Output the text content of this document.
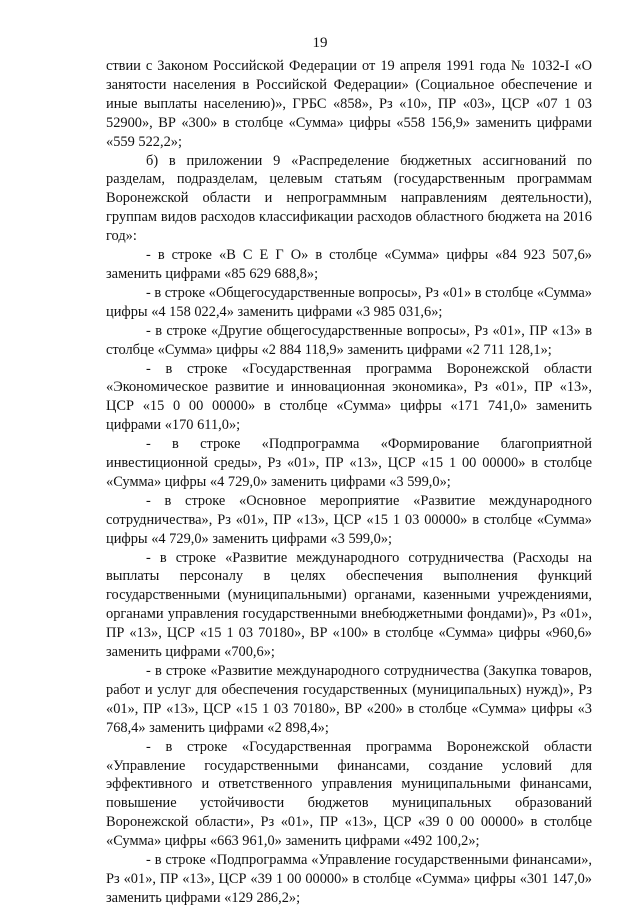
19

ствии с Законом Российской Федерации от 19 апреля 1991 года № 1032-I «О занятости населения в Российской Федерации» (Социальное обеспечение и иные выплаты населению)», ГРБС «858», Рз «10», ПР «03», ЦСР «07 1 03 52900», ВР «300» в столбце «Сумма» цифры «558 156,9» заменить цифрами «559 522,2»;

б) в приложении 9 «Распределение бюджетных ассигнований по разделам, подразделам, целевым статьям (государственным программам Воронежской области и непрограммным направлениям деятельности), группам видов расходов классификации расходов областного бюджета на 2016 год»:

- в строке «В С Е Г О» в столбце «Сумма» цифры «84 923 507,6» заменить цифрами «85 629 688,8»;

- в строке «Общегосударственные вопросы», Рз «01» в столбце «Сумма» цифры «4 158 022,4» заменить цифрами «3 985 031,6»;

- в строке «Другие общегосударственные вопросы», Рз «01», ПР «13» в столбце «Сумма» цифры «2 884 118,9» заменить цифрами «2 711 128,1»;

- в строке «Государственная программа Воронежской области «Экономическое развитие и инновационная экономика», Рз «01», ПР «13», ЦСР «15 0 00 00000» в столбце «Сумма» цифры «171 741,0» заменить цифрами «170 611,0»;

- в строке «Подпрограмма «Формирование благоприятной инвестиционной среды», Рз «01», ПР «13», ЦСР «15 1 00 00000» в столбце «Сумма» цифры «4 729,0» заменить цифрами «3 599,0»;

- в строке «Основное мероприятие «Развитие международного сотрудничества», Рз «01», ПР «13», ЦСР «15 1 03 00000» в столбце «Сумма» цифры «4 729,0» заменить цифрами «3 599,0»;

- в строке «Развитие международного сотрудничества (Расходы на выплаты персоналу в целях обеспечения выполнения функций государственными (муниципальными) органами, казенными учреждениями, органами управления государственными внебюджетными фондами)», Рз «01», ПР «13», ЦСР «15 1 03 70180», ВР «100» в столбце «Сумма» цифры «960,6» заменить цифрами «700,6»;

- в строке «Развитие международного сотрудничества (Закупка товаров, работ и услуг для обеспечения государственных (муниципальных) нужд)», Рз «01», ПР «13», ЦСР «15 1 03 70180», ВР «200» в столбце «Сумма» цифры «3 768,4» заменить цифрами «2 898,4»;

- в строке «Государственная программа Воронежской области «Управление государственными финансами, создание условий для эффективного и ответственного управления муниципальными финансами, повышение устойчивости бюджетов муниципальных образований Воронежской области», Рз «01», ПР «13», ЦСР «39 0 00 00000» в столбце «Сумма» цифры «663 961,0» заменить цифрами «492 100,2»;

- в строке «Подпрограмма «Управление государственными финансами», Рз «01», ПР «13», ЦСР «39 1 00 00000» в столбце «Сумма» цифры «301 147,0» заменить цифрами «129 286,2»;
